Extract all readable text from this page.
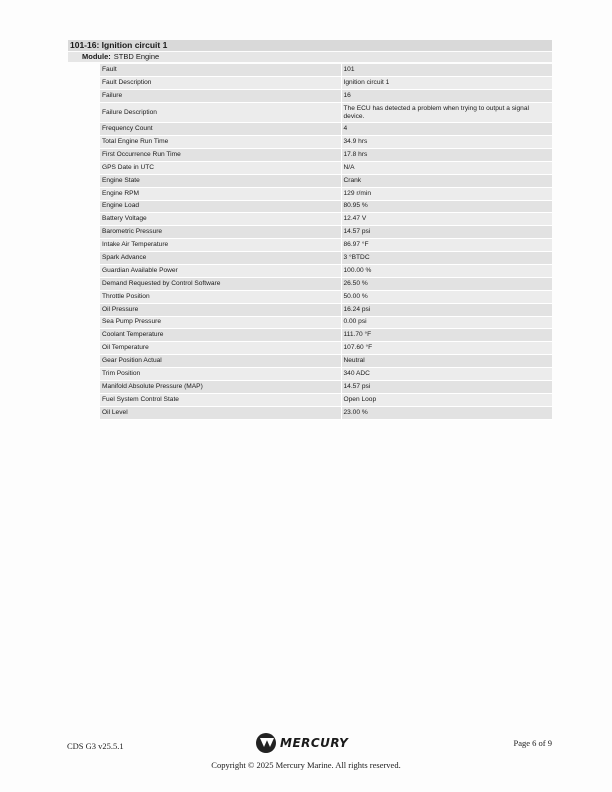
101-16: Ignition circuit 1
Module: STBD Engine
Fault	101
Fault Description	Ignition circuit 1
Failure	16
Failure Description	The ECU has detected a problem when trying to output a signal device.
Frequency Count	4
Total Engine Run Time	34.9 hrs
First Occurrence Run Time	17.8 hrs
GPS Date in UTC	N/A
Engine State	Crank
Engine RPM	129 r/min
Engine Load	80.95 %
Battery Voltage	12.47 V
Barometric Pressure	14.57 psi
Intake Air Temperature	86.97 °F
Spark Advance	3 °BTDC
Guardian Available Power	100.00 %
Demand Requested by Control Software	26.50 %
Throttle Position	50.00 %
Oil Pressure	16.24 psi
Sea Pump Pressure	0.00 psi
Coolant Temperature	111.70 °F
Oil Temperature	107.60 °F
Gear Position Actual	Neutral
Trim Position	340 ADC
Manifold Absolute Pressure (MAP)	14.57 psi
Fuel System Control State	Open Loop
Oil Level	23.00 %
CDS G3 v25.5.1	MERCURY	Page 6 of 9
Copyright © 2025 Mercury Marine. All rights reserved.
